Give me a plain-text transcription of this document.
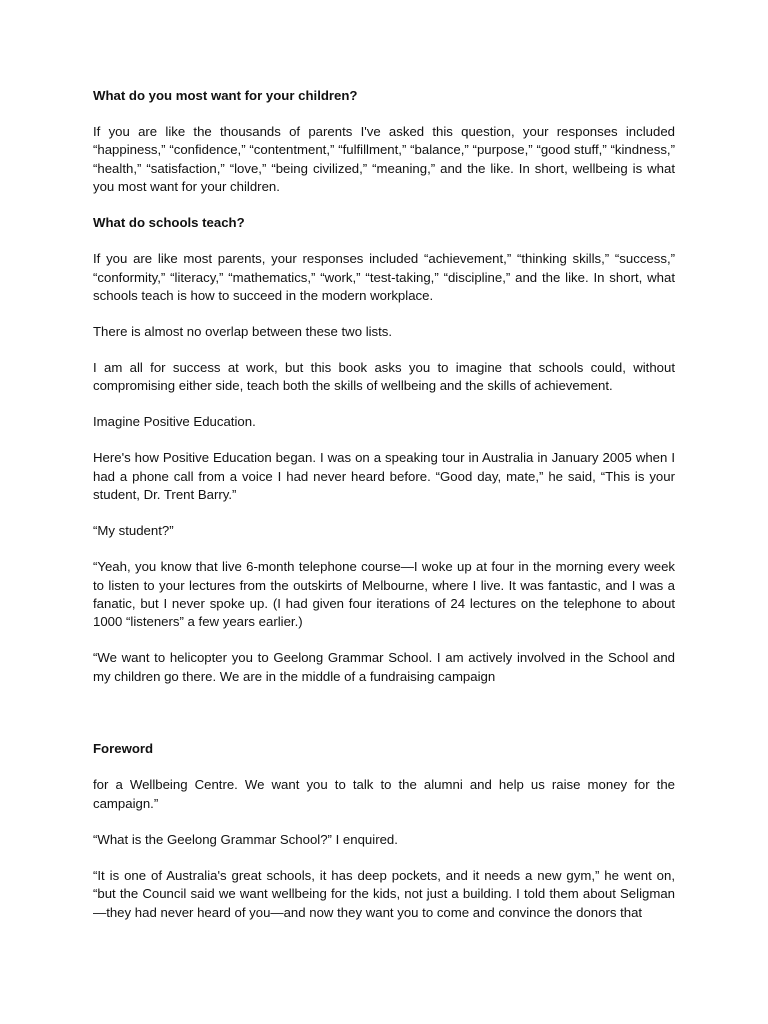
What do you most want for your children?

If you are like the thousands of parents I've asked this question, your responses included “happiness,” “confidence,” “contentment,” “fulfillment,” “balance,” “purpose,” “good stuff,” “kindness,” “health,” “satisfaction,” “love,” “being civilized,” “meaning,” and the like. In short, wellbeing is what you most want for your children.

What do schools teach?

If you are like most parents, your responses included “achievement,” “thinking skills,” “success,” “conformity,” “literacy,” “mathematics,” “work,” “test-taking,” “discipline,” and the like. In short, what schools teach is how to succeed in the modern workplace.

There is almost no overlap between these two lists.

I am all for success at work, but this book asks you to imagine that schools could, without compromising either side, teach both the skills of wellbeing and the skills of achievement.

Imagine Positive Education.

Here's how Positive Education began. I was on a speaking tour in Australia in January 2005 when I had a phone call from a voice I had never heard before. “Good day, mate,” he said, “This is your student, Dr. Trent Barry.”

“My student?”

“Yeah, you know that live 6-month telephone course—I woke up at four in the morning every week to listen to your lectures from the outskirts of Melbourne, where I live. It was fantastic, and I was a fanatic, but I never spoke up. (I had given four iterations of 24 lectures on the telephone to about 1000 “listeners” a few years earlier.)

“We want to helicopter you to Geelong Grammar School. I am actively involved in the School and my children go there. We are in the middle of a fundraising campaign

Foreword

for a Wellbeing Centre. We want you to talk to the alumni and help us raise money for the campaign.”

“What is the Geelong Grammar School?” I enquired.

“It is one of Australia's great schools, it has deep pockets, and it needs a new gym,” he went on, “but the Council said we want wellbeing for the kids, not just a building. I told them about Seligman—they had never heard of you—and now they want you to come and convince the donors that
